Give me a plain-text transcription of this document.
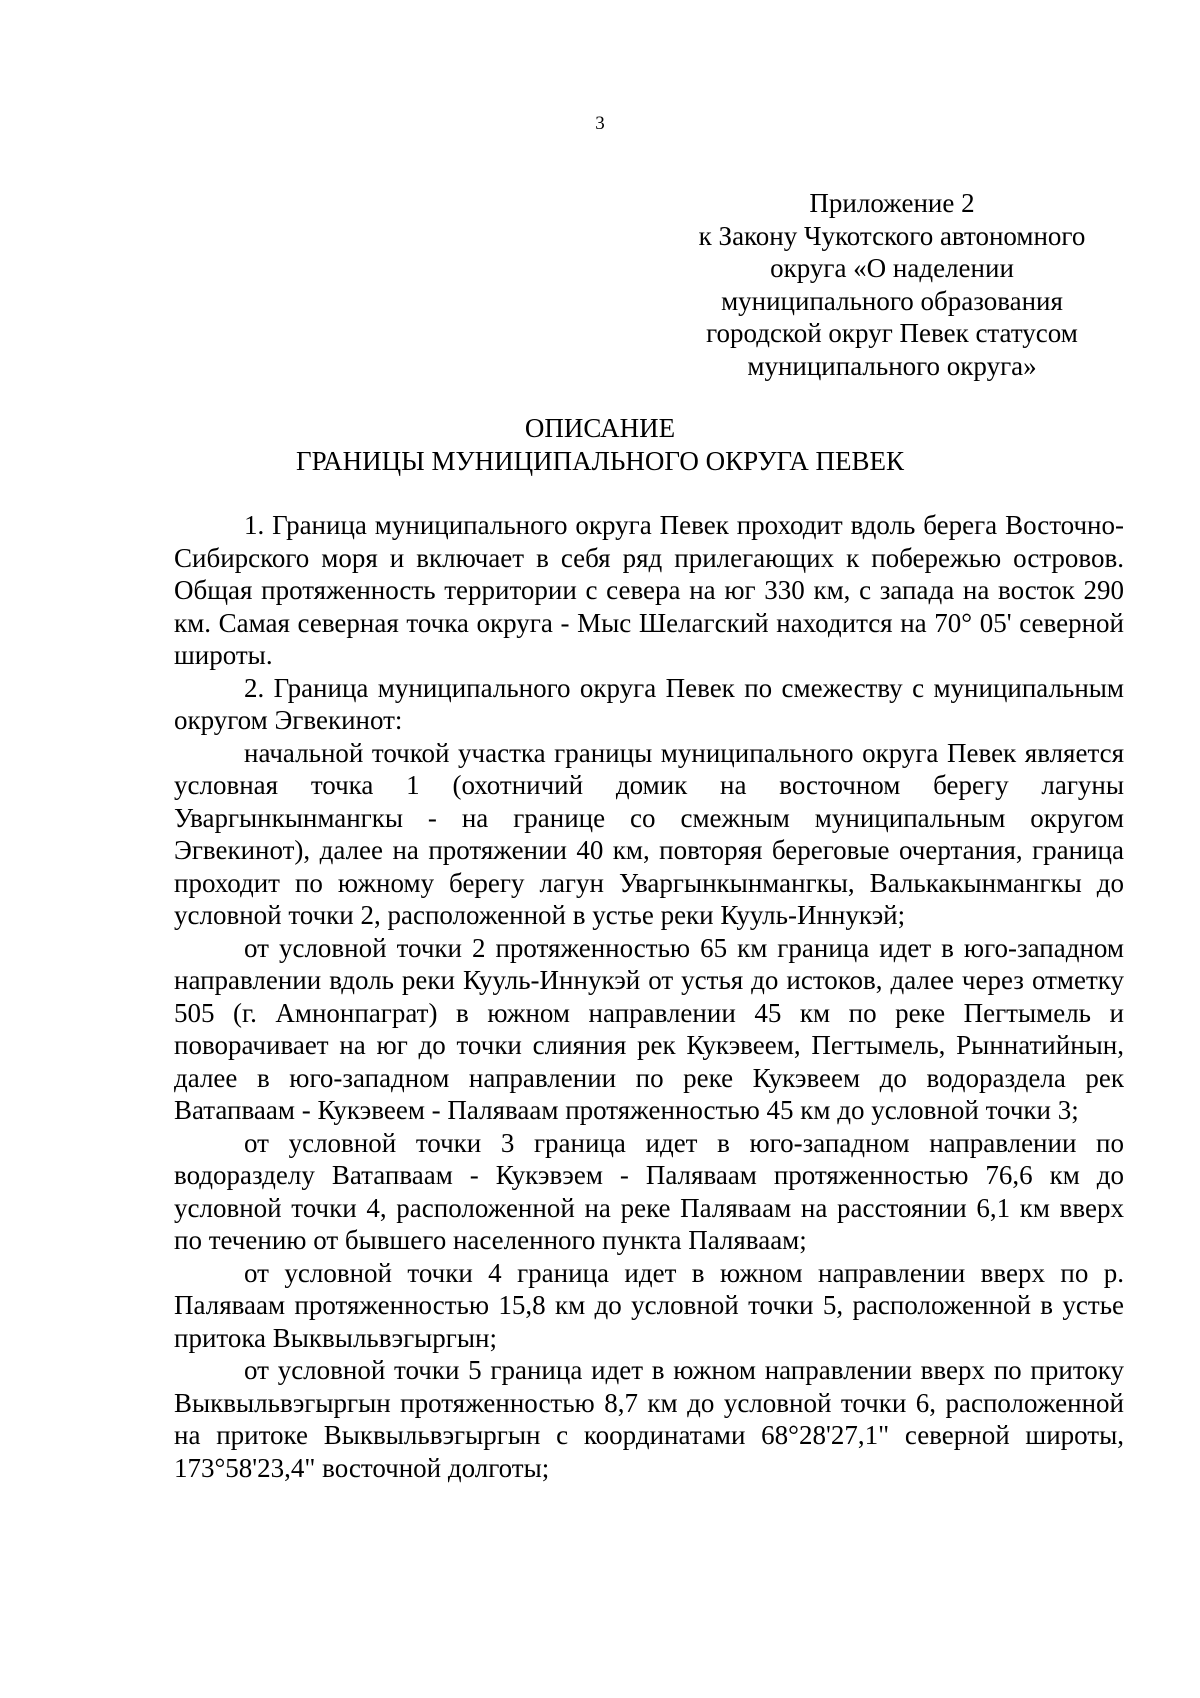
3
Приложение 2
к Закону Чукотского автономного
округа «О наделении
муниципального образования
городской округ Певек статусом
муниципального округа»
ОПИСАНИЕ
ГРАНИЦЫ МУНИЦИПАЛЬНОГО ОКРУГА ПЕВЕК

1. Граница муниципального округа Певек проходит вдоль берега Восточно-Сибирского моря и включает в себя ряд прилегающих к побережью островов. Общая протяженность территории с севера на юг 330 км, с запада на восток 290 км. Самая северная точка округа - Мыс Шелагский находится на 70° 05' северной широты.

2. Граница муниципального округа Певек по смежеству с муниципальным округом Эгвекинот:

начальной точкой участка границы муниципального округа Певек является условная точка 1 (охотничий домик на восточном берегу лагуны Уваргынкынмангкы - на границе со смежным муниципальным округом Эгвекинот), далее на протяжении 40 км, повторяя береговые очертания, граница проходит по южному берегу лагун Уваргынкынмангкы, Валькакынмангкы до условной точки 2, расположенной в устье реки Кууль-Иннукэй;

от условной точки 2 протяженностью 65 км граница идет в юго-западном направлении вдоль реки Кууль-Иннукэй от устья до истоков, далее через отметку 505 (г. Амнонпаграт) в южном направлении 45 км по реке Пегтымель и поворачивает на юг до точки слияния рек Кукэвеем, Пегтымель, Рыннатийнын, далее в юго-западном направлении по реке Кукэвеем до водораздела рек Ватапваам - Кукэвеем - Паляваам протяженностью 45 км до условной точки 3;

от условной точки 3 граница идет в юго-западном направлении по водоразделу Ватапваам - Кукэвэем - Паляваам протяженностью 76,6 км до условной точки 4, расположенной на реке Паляваам на расстоянии 6,1 км вверх по течению от бывшего населенного пункта Паляваам;

от условной точки 4 граница идет в южном направлении вверх по р. Паляваам протяженностью 15,8 км до условной точки 5, расположенной в устье притока Выквыльвэгыргын;

от условной точки 5 граница идет в южном направлении вверх по притоку Выквыльвэгыргын протяженностью 8,7 км до условной точки 6, расположенной на притоке Выквыльвэгыргын с координатами 68°28'27,1" северной широты, 173°58'23,4" восточной долготы;
